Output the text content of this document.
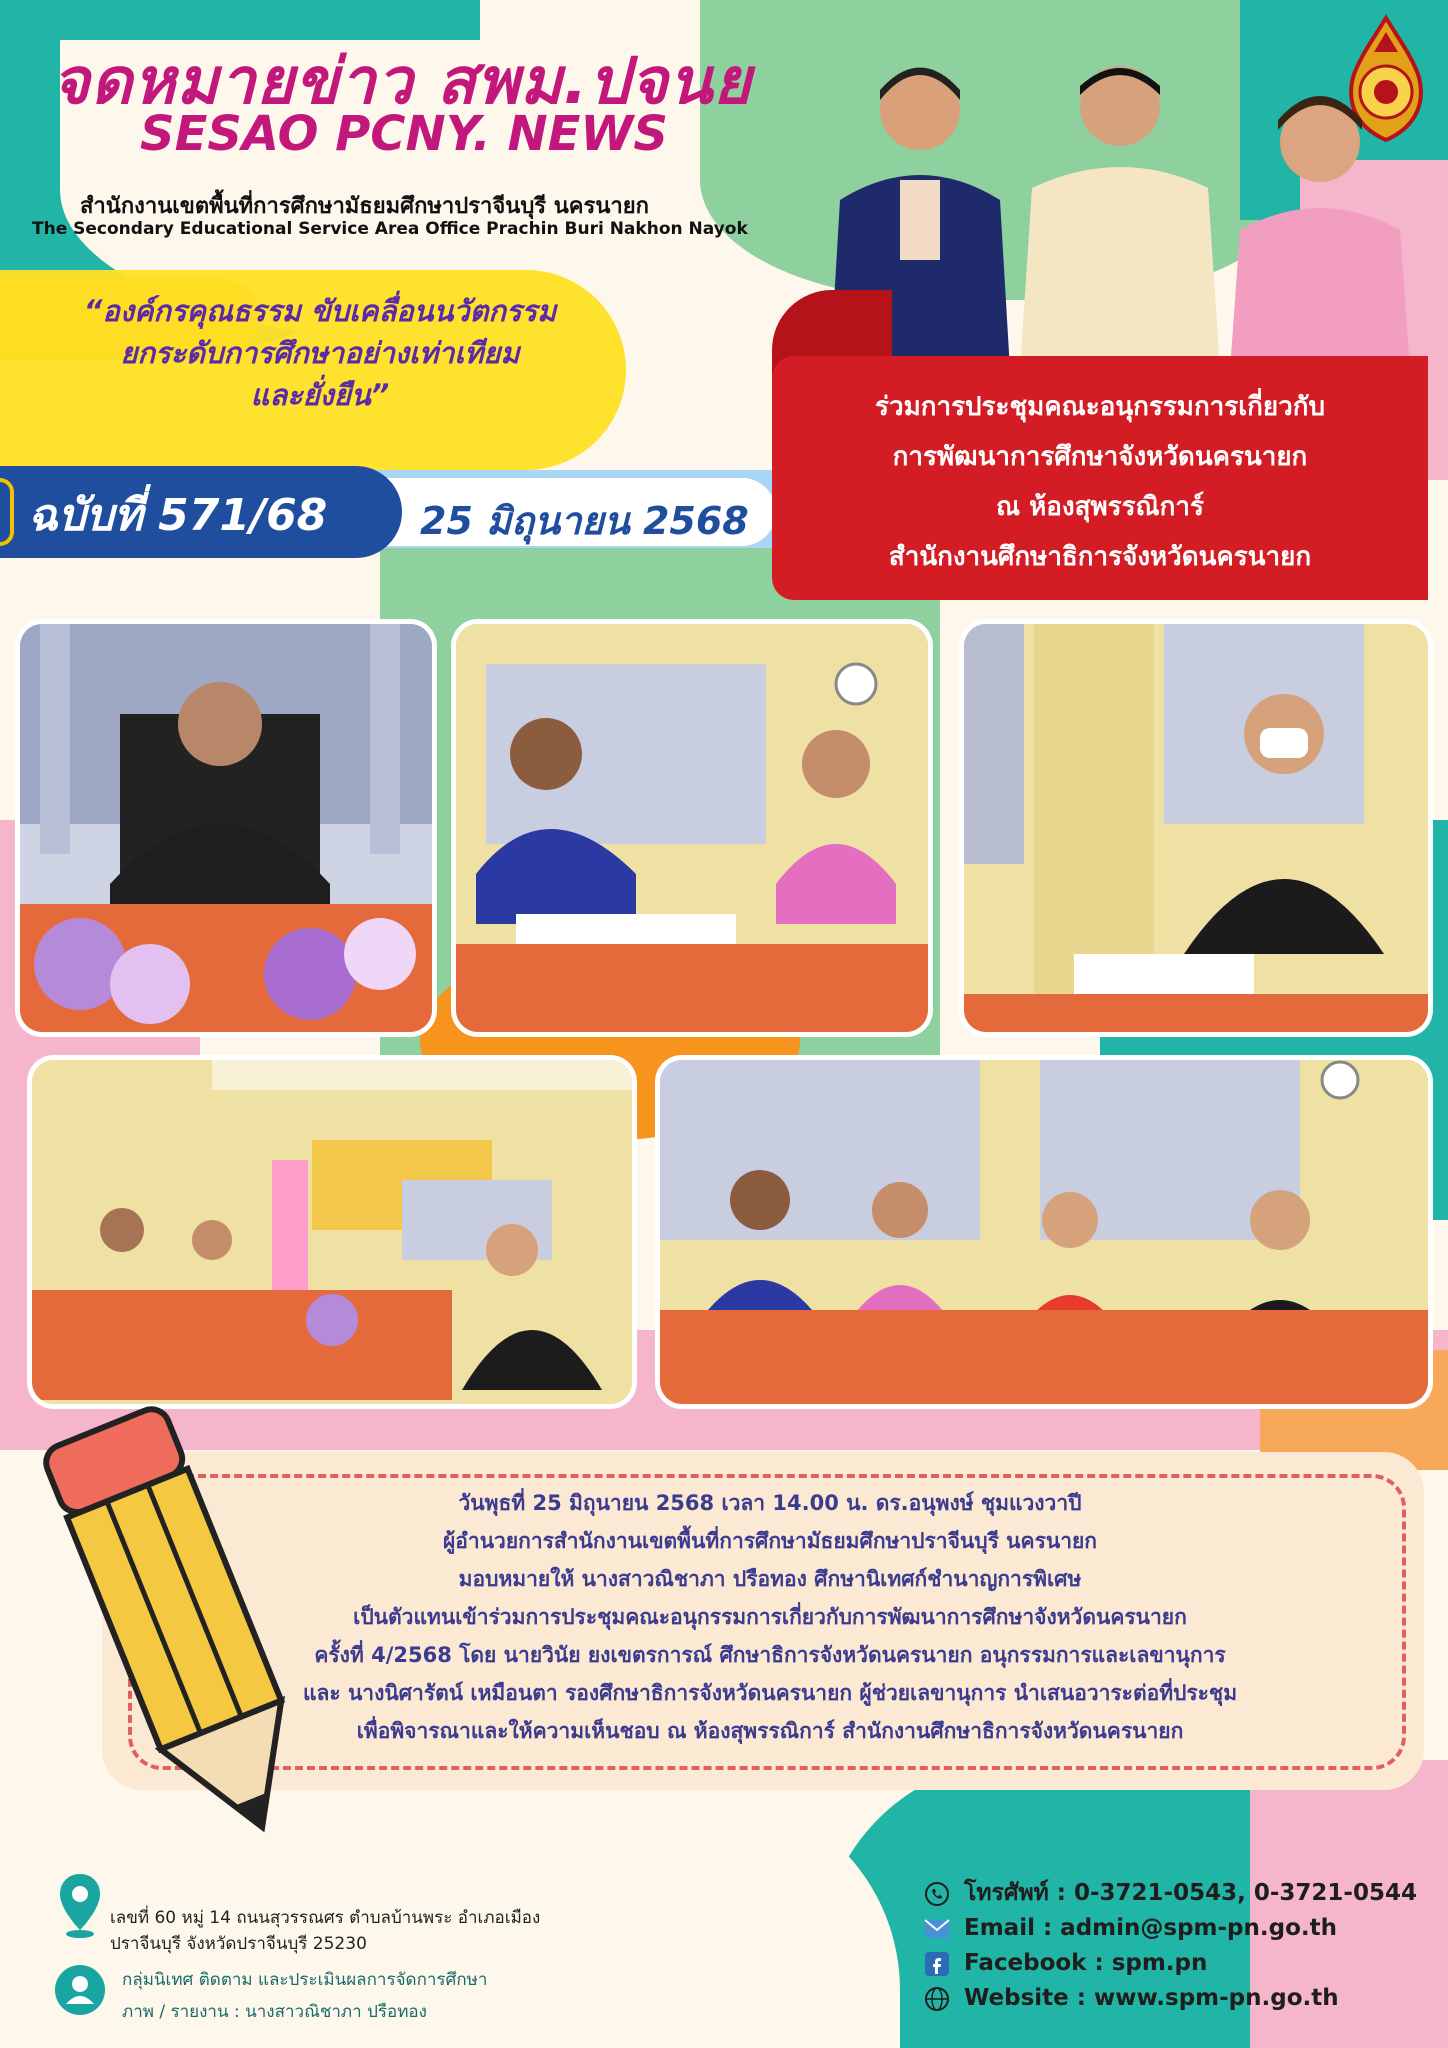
จดหมายข่าว สพม.ปจนย
SESAO PCNY. NEWS
สำนักงานเขตพื้นที่การศึกษามัธยมศึกษาปราจีนบุรี นครนายก
The Secondary Educational Service Area Office Prachin Buri Nakhon Nayok
“องค์กรคุณธรรม ขับเคลื่อนนวัตกรรม
ยกระดับการศึกษาอย่างเท่าเทียม
และยั่งยืน”
ฉบับที่ 571/68 25 มิถุนายน 2568
ร่วมการประชุมคณะอนุกรรมการเกี่ยวกับ
การพัฒนาการศึกษาจังหวัดนครนายก
ณ ห้องสุพรรณิการ์
สำนักงานศึกษาธิการจังหวัดนครนายก
วันพุธที่ 25 มิถุนายน 2568 เวลา 14.00 น. ดร.อนุพงษ์ ชุมแวงวาปี
ผู้อำนวยการสำนักงานเขตพื้นที่การศึกษามัธยมศึกษาปราจีนบุรี นครนายก
มอบหมายให้ นางสาวณิชาภา ปรือทอง ศึกษานิเทศก์ชำนาญการพิเศษ
เป็นตัวแทนเข้าร่วมการประชุมคณะอนุกรรมการเกี่ยวกับการพัฒนาการศึกษาจังหวัดนครนายก
ครั้งที่ 4/2568 โดย นายวินัย ยงเขตรการณ์ ศึกษาธิการจังหวัดนครนายก อนุกรรมการและเลขานุการ
และ นางนิศารัตน์ เหมือนตา รองศึกษาธิการจังหวัดนครนายก ผู้ช่วยเลขานุการ นำเสนอวาระต่อที่ประชุม
เพื่อพิจารณาและให้ความเห็นชอบ ณ ห้องสุพรรณิการ์ สำนักงานศึกษาธิการจังหวัดนครนายก
เลขที่ 60 หมู่ 14 ถนนสุวรรณศร ตำบลบ้านพระ อำเภอเมือง
ปราจีนบุรี จังหวัดปราจีนบุรี 25230
กลุ่มนิเทศ ติดตาม และประเมินผลการจัดการศึกษา
ภาพ / รายงาน : นางสาวณิชาภา ปรือทอง
โทรศัพท์ : 0-3721-0543, 0-3721-0544
Email : admin@spm-pn.go.th
Facebook : spm.pn
Website : www.spm-pn.go.th
